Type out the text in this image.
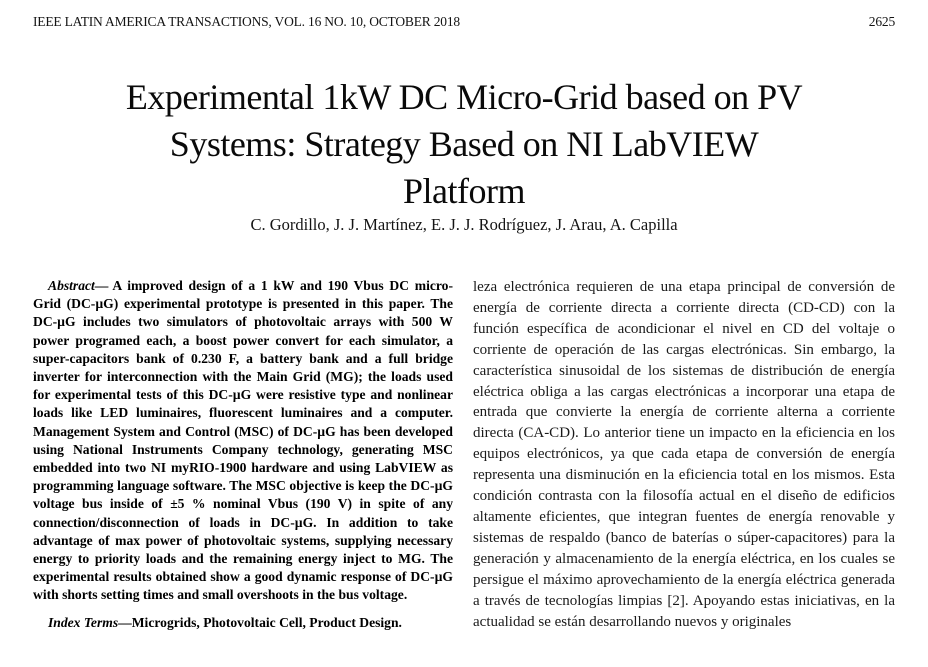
IEEE LATIN AMERICA TRANSACTIONS, VOL. 16 NO. 10, OCTOBER 2018	2625
Experimental 1kW DC Micro-Grid based on PV
Systems: Strategy Based on NI LabVIEW
Platform
C. Gordillo, J. J. Martínez, E. J. J. Rodríguez, J. Arau, A. Capilla

Abstract— A improved design of a 1 kW and 190 Vbus DC micro-Grid (DC-µG) experimental prototype is presented in this paper. The DC-µG includes two simulators of photovoltaic arrays with 500 W power programed each, a boost power convert for each simulator, a super-capacitors bank of 0.230 F, a battery bank and a full bridge inverter for interconnection with the Main Grid (MG); the loads used for experimental tests of this DC-µG were resistive type and nonlinear loads like LED luminaires, fluorescent luminaires and a computer. Management System and Control (MSC) of DC-µG has been developed using National Instruments Company technology, generating MSC embedded into two NI myRIO-1900 hardware and using LabVIEW as programming language software. The MSC objective is keep the DC-µG voltage bus inside of ±5 % nominal Vbus (190 V) in spite of any connection/disconnection of loads in DC-µG. In addition to take advantage of max power of photovoltaic systems, supplying necessary energy to priority loads and the remaining energy inject to MG. The experimental results obtained show a good dynamic response of DC-µG with shorts setting times and small overshoots in the bus voltage.

Index Terms—Microgrids, Photovoltaic Cell, Product Design.

leza electrónica requieren de una etapa principal de conversión de energía de corriente directa a corriente directa (CD-CD) con la función específica de acondicionar el nivel en CD del voltaje o corriente de operación de las cargas electrónicas. Sin embargo, la característica sinusoidal de los sistemas de distribución de energía eléctrica obliga a las cargas electrónicas a incorporar una etapa de entrada que convierte la energía de corriente alterna a corriente directa (CA-CD). Lo anterior tiene un impacto en la eficiencia en los equipos electrónicos, ya que cada etapa de conversión de energía representa una disminución en la eficiencia total en los mismos. Esta condición contrasta con la filosofía actual en el diseño de edificios altamente eficientes, que integran fuentes de energía renovable y sistemas de respaldo (banco de baterías o súper-capacitores) para la generación y almacenamiento de la energía eléctrica, en los cuales se persigue el máximo aprovechamiento de la energía eléctrica generada a través de tecnologías limpias [2]. Apoyando estas iniciativas, en la actualidad se están desarrollando nuevos y originales
